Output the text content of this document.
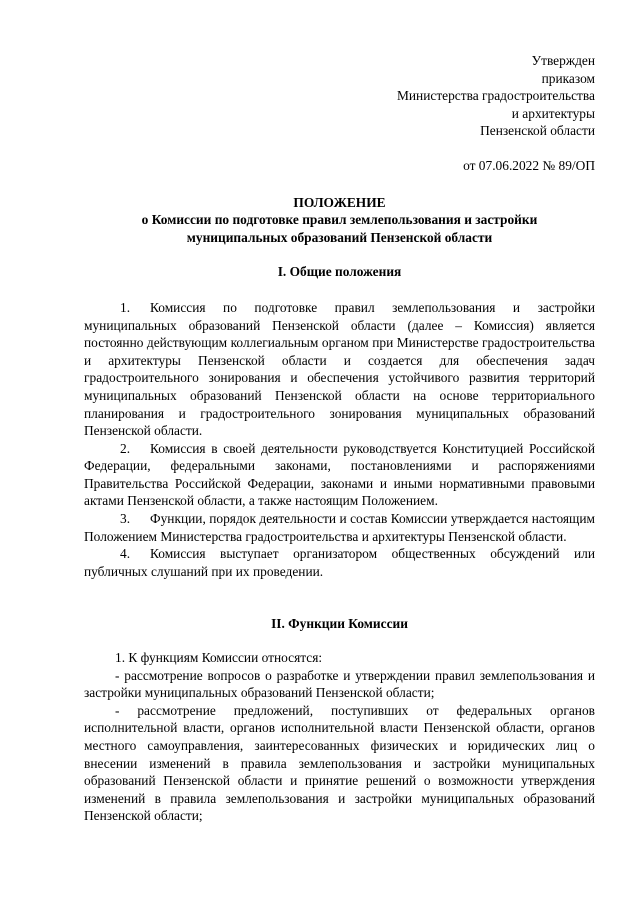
Утвержден
приказом
Министерства градостроительства
и архитектуры
Пензенской области
от 07.06.2022 № 89/ОП
ПОЛОЖЕНИЕ
о Комиссии по подготовке правил землепользования и застройки
муниципальных образований Пензенской области
I. Общие положения

1. Комиссия по подготовке правил землепользования и застройки муниципальных образований Пензенской области (далее – Комиссия) является постоянно действующим коллегиальным органом при Министерстве градостроительства и архитектуры Пензенской области и создается для обеспечения задач градостроительного зонирования и обеспечения устойчивого развития территорий муниципальных образований Пензенской области на основе территориального планирования и градостроительного зонирования муниципальных образований Пензенской области.

2. Комиссия в своей деятельности руководствуется Конституцией Российской Федерации, федеральными законами, постановлениями и распоряжениями Правительства Российской Федерации, законами и иными нормативными правовыми актами Пензенской области, а также настоящим Положением.

3. Функции, порядок деятельности и состав Комиссии утверждается настоящим Положением Министерства градостроительства и архитектуры Пензенской области.

4. Комиссия выступает организатором общественных обсуждений или публичных слушаний при их проведении.

II. Функции Комиссии

1. К функциям Комиссии относятся:

- рассмотрение вопросов о разработке и утверждении правил землепользования и застройки муниципальных образований Пензенской области;

- рассмотрение предложений, поступивших от федеральных органов исполнительной власти, органов исполнительной власти Пензенской области, органов местного самоуправления, заинтересованных физических и юридических лиц о внесении изменений в правила землепользования и застройки муниципальных образований Пензенской области и принятие решений о возможности утверждения изменений в правила землепользования и застройки муниципальных образований Пензенской области;
